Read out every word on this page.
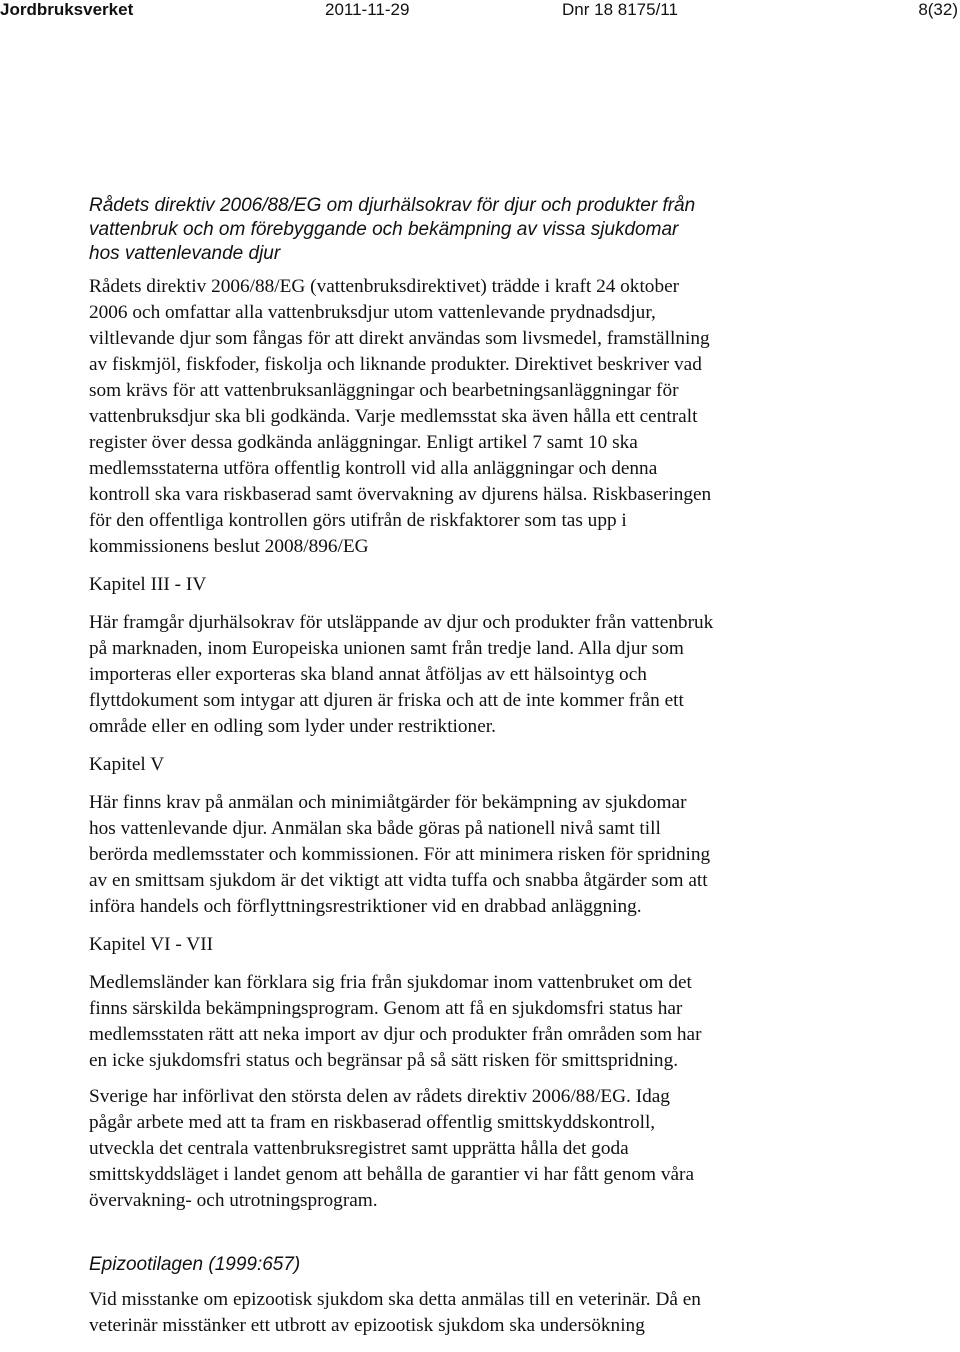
Jordbruksverket	2011-11-29	Dnr 18 8175/11	8(32)
Rådets direktiv 2006/88/EG om djurhälsokrav för djur och produkter från
vattenbruk och om förebyggande och bekämpning av vissa sjukdomar
hos vattenlevande djur

Rådets direktiv 2006/88/EG (vattenbruksdirektivet) trädde i kraft 24 oktober
2006 och omfattar alla vattenbruksdjur utom vattenlevande prydnadsdjur,
viltlevande djur som fångas för att direkt användas som livsmedel, framställning
av fiskmjöl, fiskfoder, fiskolja och liknande produkter. Direktivet beskriver vad
som krävs för att vattenbruksanläggningar och bearbetningsanläggningar för
vattenbruksdjur ska bli godkända. Varje medlemsstat ska även hålla ett centralt
register över dessa godkända anläggningar. Enligt artikel 7 samt 10 ska
medlemsstaterna utföra offentlig kontroll vid alla anläggningar och denna
kontroll ska vara riskbaserad samt övervakning av djurens hälsa. Riskbaseringen
för den offentliga kontrollen görs utifrån de riskfaktorer som tas upp i
kommissionens beslut 2008/896/EG

Kapitel III - IV

Här framgår djurhälsokrav för utsläppande av djur och produkter från vattenbruk
på marknaden, inom Europeiska unionen samt från tredje land. Alla djur som
importeras eller exporteras ska bland annat åtföljas av ett hälsointyg och
flyttdokument som intygar att djuren är friska och att de inte kommer från ett
område eller en odling som lyder under restriktioner.

Kapitel V

Här finns krav på anmälan och minimiåtgärder för bekämpning av sjukdomar
hos vattenlevande djur. Anmälan ska både göras på nationell nivå samt till
berörda medlemsstater och kommissionen. För att minimera risken för spridning
av en smittsam sjukdom är det viktigt att vidta tuffa och snabba åtgärder som att
införa handels och förflyttningsrestriktioner vid en drabbad anläggning.

Kapitel VI - VII

Medlemsländer kan förklara sig fria från sjukdomar inom vattenbruket om det
finns särskilda bekämpningsprogram. Genom att få en sjukdomsfri status har
medlemsstaten rätt att neka import av djur och produkter från områden som har
en icke sjukdomsfri status och begränsar på så sätt risken för smittspridning.

Sverige har införlivat den största delen av rådets direktiv 2006/88/EG. Idag
pågår arbete med att ta fram en riskbaserad offentlig smittskyddskontroll,
utveckla det centrala vattenbruksregistret samt upprätta hålla det goda
smittskyddsläget i landet genom att behålla de garantier vi har fått genom våra
övervakning- och utrotningsprogram.

Epizootilagen (1999:657)

Vid misstanke om epizootisk sjukdom ska detta anmälas till en veterinär. Då en
veterinär misstänker ett utbrott av epizootisk sjukdom ska undersökning
